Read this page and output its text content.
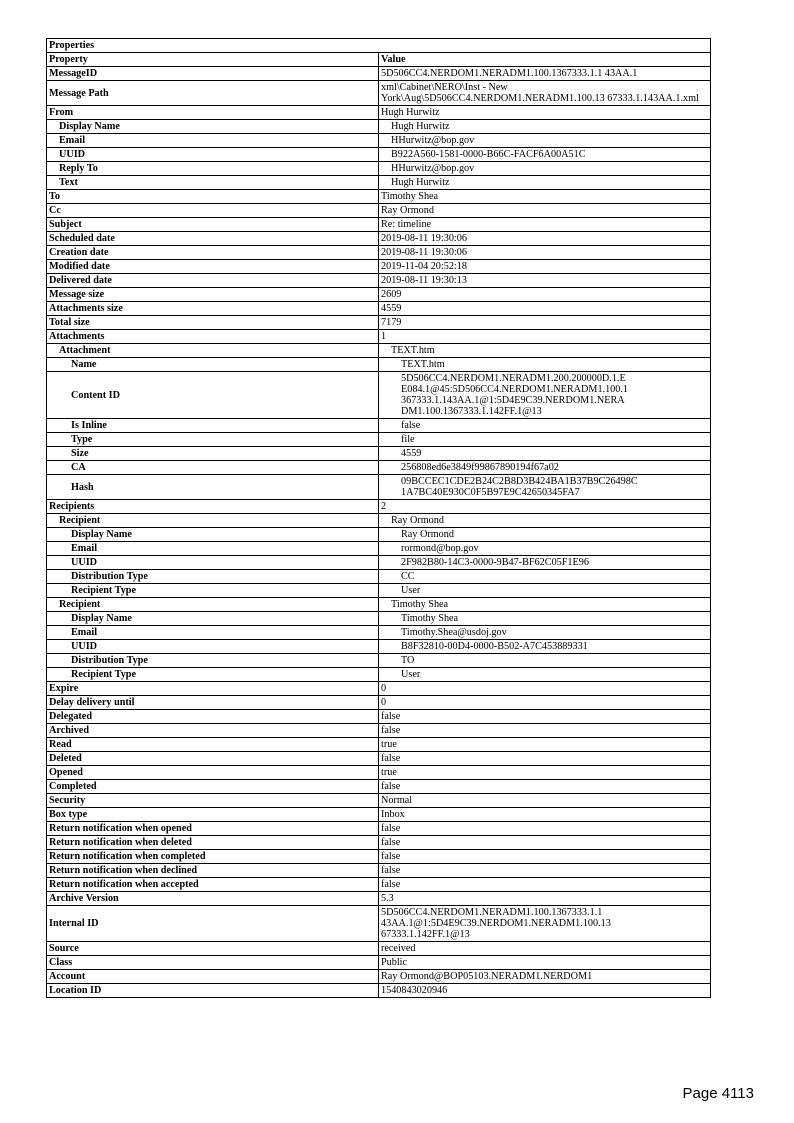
Properties	
Property	Value
MessageID	5D506CC4.NERDOM1.NERADM1.100.1367333.1.1 43AA.1
Message Path	xml\Cabinet\NERO\Inst - New York\Aug\5D506CC4.NERDOM1.NERADM1.100.13 67333.1.143AA.1.xml
From	Hugh Hurwitz
Display Name	Hugh Hurwitz
Email	HHurwitz@bop.gov
UUID	B922A560-1581-0000-B66C-FACF6A00A51C
Reply To	HHurwitz@bop.gov
Text	Hugh Hurwitz
To	Timothy Shea
Cc	Ray Ormond
Subject	Re: timeline
Scheduled date	2019-08-11 19:30:06
Creation date	2019-08-11 19:30:06
Modified date	2019-11-04 20:52:18
Delivered date	2019-08-11 19:30:13
Message size	2609
Attachments size	4559
Total size	7179
Attachments	1
Attachment	TEXT.htm
Name	TEXT.htm
Content ID	5D506CC4.NERDOM1.NERADM1.200.200000D.1.E
E084.1@45:5D506CC4.NERDOM1.NERADM1.100.1
367333.1.143AA.1@1:5D4E9C39.NERDOM1.NERA DM1.100.1367333.1.142FF.1@13
Is Inline	false
Type	file
Size	4559
CA	256808ed6e3849f99867890194f67a02
Hash	09BCCEC1CDE2B24C2B8D3B424BA1B37B9C26498C 1A7BC40E930C0F5B97E9C42650345FA7
Recipients	2
Recipient	Ray Ormond
Display Name	Ray Ormond
Email	rormond@bop.gov
UUID	2F982B80-14C3-0000-9B47-BF62C05F1E96
Distribution Type	CC
Recipient Type	User
Recipient	Timothy Shea
Display Name	Timothy Shea
Email	Timothy.Shea@usdoj.gov
UUID	B8F32810-00D4-0000-B502-A7C453889331
Distribution Type	TO
Recipient Type	User
Expire	0
Delay delivery until	0
Delegated	false
Archived	false
Read	true
Deleted	false
Opened	true
Completed	false
Security	Normal
Box type	Inbox
Return notification when opened	false
Return notification when deleted	false
Return notification when completed	false
Return notification when declined	false
Return notification when accepted	false
Archive Version	5.3
Internal ID	5D506CC4.NERDOM1.NERADM1.100.1367333.1.1 43AA.1@1:5D4E9C39.NERDOM1.NERADM1.100.13
67333.1.142FF.1@13
Source	received
Class	Public
Account	Ray Ormond@BOP05103.NERADM1.NERDOM1
Location ID	1540843020946
Page 4113
